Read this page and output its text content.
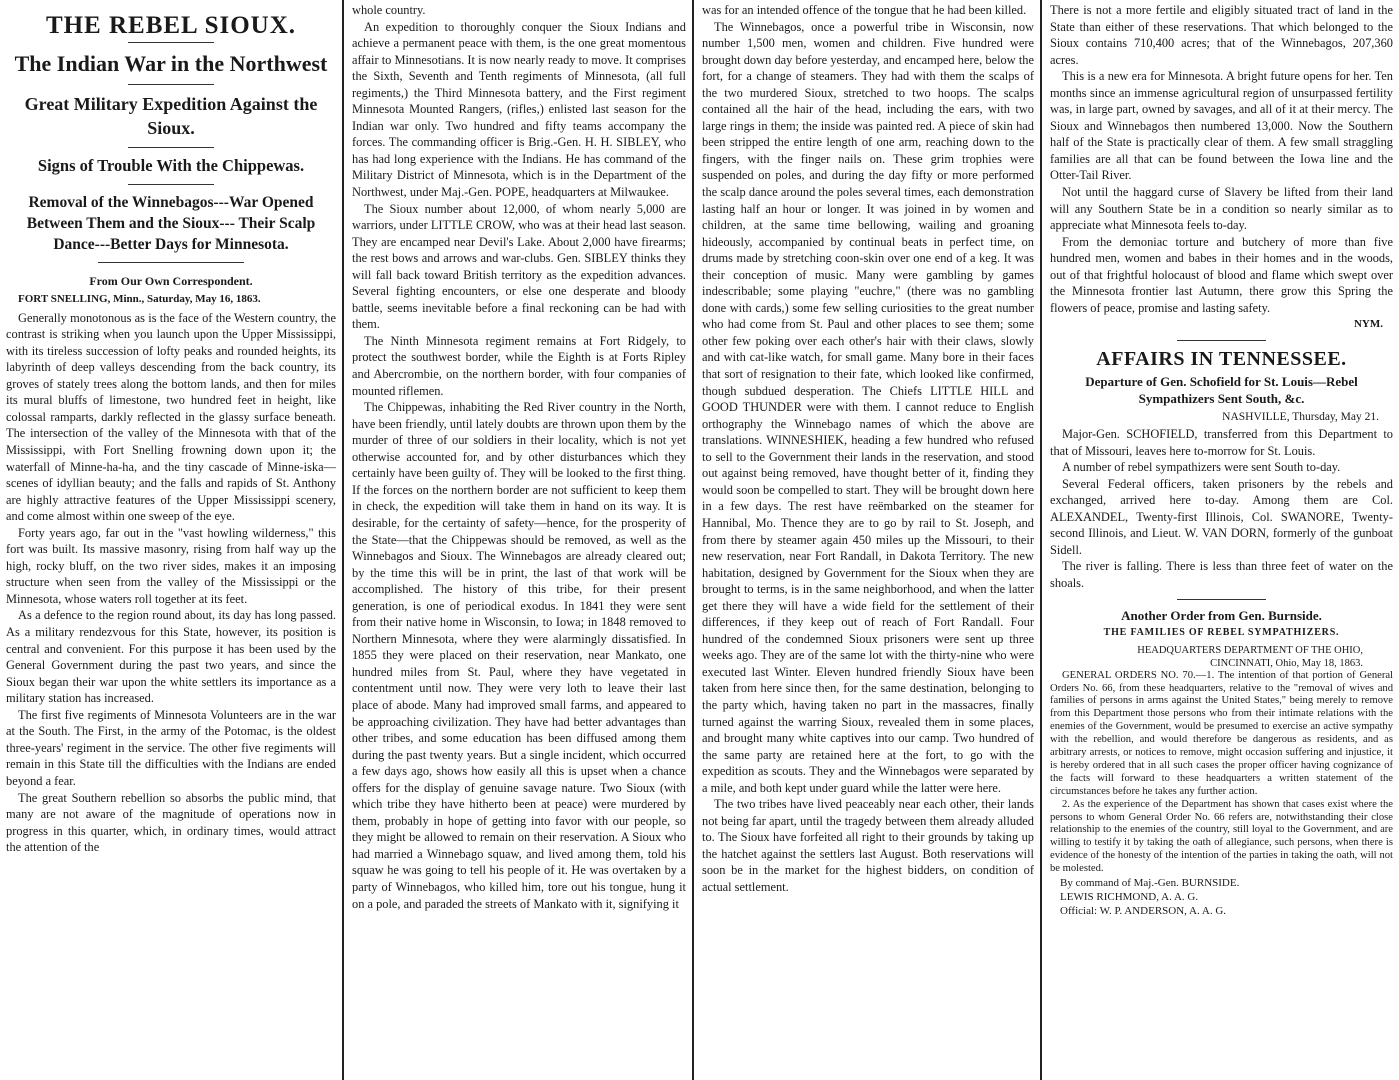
THE REBEL SIOUX.

The Indian War in the Northwest

Great Military Expedition Against the Sioux.

Signs of Trouble With the Chippewas.

Removal of the Winnebagos---War Opened Between Them and the Sioux--- Their Scalp Dance---Better Days for Minnesota.

From Our Own Correspondent.

FORT SNELLING, Minn., Saturday, May 16, 1863.

Generally monotonous as is the face of the Western country, the contrast is striking when you launch upon the Upper Mississippi, with its tireless succession of lofty peaks and rounded heights, its labyrinth of deep valleys descending from the back country, its groves of stately trees along the bottom lands, and then for miles its mural bluffs of limestone, two hundred feet in height, like colossal ramparts, darkly reflected in the glassy surface beneath. The intersection of the valley of the Minnesota with that of the Mississippi, with Fort Snelling frowning down upon it; the waterfall of Minne-ha-ha, and the tiny cascade of Minne-iska—scenes of idyllian beauty; and the falls and rapids of St. Anthony are highly attractive features of the Upper Mississippi scenery, and come almost within one sweep of the eye.

Forty years ago, far out in the "vast howling wilderness," this fort was built. Its massive masonry, rising from half way up the high, rocky bluff, on the two river sides, makes it an imposing structure when seen from the valley of the Mississippi or the Minnesota, whose waters roll together at its feet.

As a defence to the region round about, its day has long passed. As a military rendezvous for this State, however, its position is central and convenient. For this purpose it has been used by the General Government during the past two years, and since the Sioux began their war upon the white settlers its importance as a military station has increased.

The first five regiments of Minnesota Volunteers are in the war at the South. The First, in the army of the Potomac, is the oldest three-years' regiment in the service. The other five regiments will remain in this State till the difficulties with the Indians are ended beyond a fear.

The great Southern rebellion so absorbs the public mind, that many are not aware of the magnitude of operations now in progress in this quarter, which, in ordinary times, would attract the attention of the

whole country.

An expedition to thoroughly conquer the Sioux Indians and achieve a permanent peace with them, is the one great momentous affair to Minnesotians. It is now nearly ready to move. It comprises the Sixth, Seventh and Tenth regiments of Minnesota, (all full regiments,) the Third Minnesota battery, and the First regiment Minnesota Mounted Rangers, (rifles,) enlisted last season for the Indian war only. Two hundred and fifty teams accompany the forces. The commanding officer is Brig.-Gen. H. H. SIBLEY, who has had long experience with the Indians. He has command of the Military District of Minnesota, which is in the Department of the Northwest, under Maj.-Gen. POPE, headquarters at Milwaukee.

The Sioux number about 12,000, of whom nearly 5,000 are warriors, under LITTLE CROW, who was at their head last season. They are encamped near Devil's Lake. About 2,000 have firearms; the rest bows and arrows and war-clubs. Gen. SIBLEY thinks they will fall back toward British territory as the expedition advances. Several fighting encounters, or else one desperate and bloody battle, seems inevitable before a final reckoning can be had with them.

The Ninth Minnesota regiment remains at Fort Ridgely, to protect the southwest border, while the Eighth is at Forts Ripley and Abercrombie, on the northern border, with four companies of mounted riflemen.

The Chippewas, inhabiting the Red River country in the North, have been friendly, until lately doubts are thrown upon them by the murder of three of our soldiers in their locality, which is not yet otherwise accounted for, and by other disturbances which they certainly have been guilty of. They will be looked to the first thing. If the forces on the northern border are not sufficient to keep them in check, the expedition will take them in hand on its way. It is desirable, for the certainty of safety—hence, for the prosperity of the State—that the Chippewas should be removed, as well as the Winnebagos and Sioux. The Winnebagos are already cleared out; by the time this will be in print, the last of that work will be accomplished. The history of this tribe, for their present generation, is one of periodical exodus. In 1841 they were sent from their native home in Wisconsin, to Iowa; in 1848 removed to Northern Minnesota, where they were alarmingly dissatisfied. In 1855 they were placed on their reservation, near Mankato, one hundred miles from St. Paul, where they have vegetated in contentment until now. They were very loth to leave their last place of abode. Many had improved small farms, and appeared to be approaching civilization. They have had better advantages than other tribes, and some education has been diffused among them during the past twenty years. But a single incident, which occurred a few days ago, shows how easily all this is upset when a chance offers for the display of genuine savage nature. Two Sioux (with which tribe they have hitherto been at peace) were murdered by them, probably in hope of getting into favor with our people, so they might be allowed to remain on their reservation. A Sioux who had married a Winnebago squaw, and lived among them, told his squaw he was going to tell his people of it. He was overtaken by a party of Winnebagos, who killed him, tore out his tongue, hung it on a pole, and paraded the streets of Mankato with it, signifying it

was for an intended offence of the tongue that he had been killed.

The Winnebagos, once a powerful tribe in Wisconsin, now number 1,500 men, women and children. Five hundred were brought down day before yesterday, and encamped here, below the fort, for a change of steamers. They had with them the scalps of the two murdered Sioux, stretched to two hoops. The scalps contained all the hair of the head, including the ears, with two large rings in them; the inside was painted red. A piece of skin had been stripped the entire length of one arm, reaching down to the fingers, with the finger nails on. These grim trophies were suspended on poles, and during the day fifty or more performed the scalp dance around the poles several times, each demonstration lasting half an hour or longer. It was joined in by women and children, at the same time bellowing, wailing and groaning hideously, accompanied by continual beats in perfect time, on drums made by stretching coon-skin over one end of a keg. It was their conception of music. Many were gambling by games indescribable; some playing "euchre," (there was no gambling done with cards,) some few selling curiosities to the great number who had come from St. Paul and other places to see them; some other few poking over each other's hair with their claws, slowly and with cat-like watch, for small game. Many bore in their faces that sort of resignation to their fate, which looked like confirmed, though subdued desperation. The Chiefs LITTLE HILL and GOOD THUNDER were with them. I cannot reduce to English orthography the Winnebago names of which the above are translations. WINNESHIEK, heading a few hundred who refused to sell to the Government their lands in the reservation, and stood out against being removed, have thought better of it, finding they would soon be compelled to start. They will be brought down here in a few days. The rest have reëmbarked on the steamer for Hannibal, Mo. Thence they are to go by rail to St. Joseph, and from there by steamer again 450 miles up the Missouri, to their new reservation, near Fort Randall, in Dakota Territory. The new habitation, designed by Government for the Sioux when they are brought to terms, is in the same neighborhood, and when the latter get there they will have a wide field for the settlement of their differences, if they keep out of reach of Fort Randall. Four hundred of the condemned Sioux prisoners were sent up three weeks ago. They are of the same lot with the thirty-nine who were executed last Winter. Eleven hundred friendly Sioux have been taken from here since then, for the same destination, belonging to the party which, having taken no part in the massacres, finally turned against the warring Sioux, revealed them in some places, and brought many white captives into our camp. Two hundred of the same party are retained here at the fort, to go with the expedition as scouts. They and the Winnebagos were separated by a mile, and both kept under guard while the latter were here.

The two tribes have lived peaceably near each other, their lands not being far apart, until the tragedy between them already alluded to. The Sioux have forfeited all right to their grounds by taking up the hatchet against the settlers last August. Both reservations will soon be in the market for the highest bidders, on condition of actual settlement.

There is not a more fertile and eligibly situated tract of land in the State than either of these reservations. That which belonged to the Sioux contains 710,400 acres; that of the Winnebagos, 207,360 acres.

This is a new era for Minnesota. A bright future opens for her. Ten months since an immense agricultural region of unsurpassed fertility was, in large part, owned by savages, and all of it at their mercy. The Sioux and Winnebagos then numbered 13,000. Now the Southern half of the State is practically clear of them. A few small straggling families are all that can be found between the Iowa line and the Otter-Tail River.

Not until the haggard curse of Slavery be lifted from their land will any Southern State be in a condition so nearly similar as to appreciate what Minnesota feels to-day.

From the demoniac torture and butchery of more than five hundred men, women and babes in their homes and in the woods, out of that frightful holocaust of blood and flame which swept over the Minnesota frontier last Autumn, there grow this Spring the flowers of peace, promise and lasting safety.

NYM.

AFFAIRS IN TENNESSEE.

Departure of Gen. Schofield for St. Louis—Rebel Sympathizers Sent South, &c.

NASHVILLE, Thursday, May 21.

Major-Gen. SCHOFIELD, transferred from this Department to that of Missouri, leaves here to-morrow for St. Louis.

A number of rebel sympathizers were sent South to-day.

Several Federal officers, taken prisoners by the rebels and exchanged, arrived here to-day. Among them are Col. ALEXANDEL, Twenty-first Illinois, Col. SWANORE, Twenty-second Illinois, and Lieut. W. VAN DORN, formerly of the gunboat Sidell.

The river is falling. There is less than three feet of water on the shoals.

Another Order from Gen. Burnside.

THE FAMILIES OF REBEL SYMPATHIZERS.

HEADQUARTERS DEPARTMENT OF THE OHIO,

CINCINNATI, Ohio, May 18, 1863.

GENERAL ORDERS NO. 70.—1. The intention of that portion of General Orders No. 66, from these headquarters, relative to the "removal of wives and families of persons in arms against the United States," being merely to remove from this Department those persons who from their intimate relations with the enemies of the Government, would be presumed to exercise an active sympathy with the rebellion, and would therefore be dangerous as residents, and as arbitrary arrests, or notices to remove, might occasion suffering and injustice, it is hereby ordered that in all such cases the proper officer having cognizance of the facts will forward to these headquarters a written statement of the circumstances before he takes any further action.

2. As the experience of the Department has shown that cases exist where the persons to whom General Order No. 66 refers are, notwithstanding their close relationship to the enemies of the country, still loyal to the Government, and are willing to testify it by taking the oath of allegiance, such persons, when there is evidence of the honesty of the intention of the parties in taking the oath, will not be molested.

By command of Maj.-Gen. BURNSIDE.

LEWIS RICHMOND, A. A. G.

Official: W. P. ANDERSON, A. A. G.
